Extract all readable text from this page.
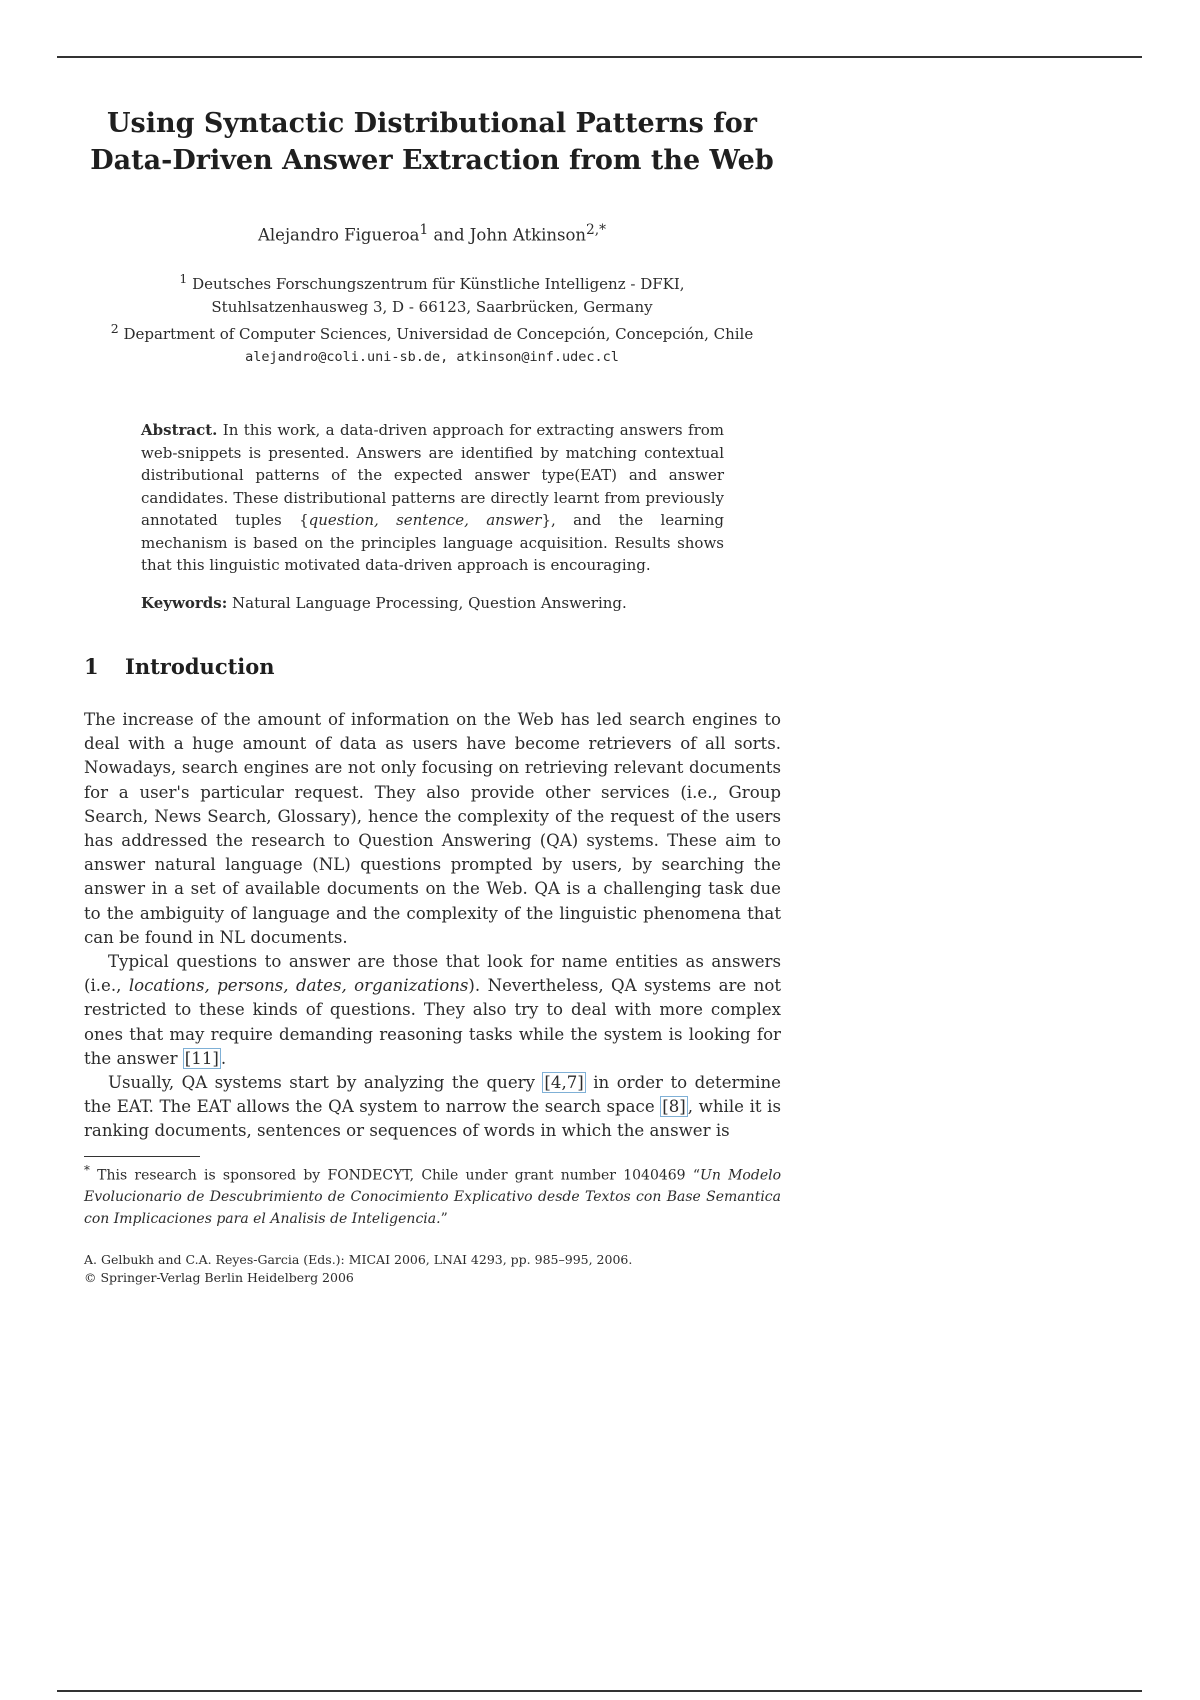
Using Syntactic Distributional Patterns for
Data-Driven Answer Extraction from the Web
Alejandro Figueroa$^1$ and John Atkinson$^{2,*}$
$^1$ Deutsches Forschungszentrum für Künstliche Intelligenz - DFKI,
Stuhlsatzenhausweg 3, D - 66123, Saarbrücken, Germany
$^2$ Department of Computer Sciences, Universidad de Concepción, Concepción, Chile
alejandro@coli.uni-sb.de, atkinson@inf.udec.cl
Abstract. In this work, a data-driven approach for extracting answers from web-snippets is presented. Answers are identified by matching contextual distributional patterns of the expected answer type(EAT) and answer candidates. These distributional patterns are directly learnt from previously annotated tuples {question, sentence, answer}, and the learning mechanism is based on the principles language acquisition. Results shows that this linguistic motivated data-driven approach is encouraging.
Keywords: Natural Language Processing, Question Answering.
1 Introduction

The increase of the amount of information on the Web has led search engines to deal with a huge amount of data as users have become retrievers of all sorts. Nowadays, search engines are not only focusing on retrieving relevant documents for a user's particular request. They also provide other services (i.e., Group Search, News Search, Glossary), hence the complexity of the request of the users has addressed the research to Question Answering (QA) systems. These aim to answer natural language (NL) questions prompted by users, by searching the answer in a set of available documents on the Web. QA is a challenging task due to the ambiguity of language and the complexity of the linguistic phenomena that can be found in NL documents.

Typical questions to answer are those that look for name entities as answers (i.e., locations, persons, dates, organizations). Nevertheless, QA systems are not restricted to these kinds of questions. They also try to deal with more complex ones that may require demanding reasoning tasks while the system is looking for the answer [11] .

Usually, QA systems start by analyzing the query [4,7] in order to determine the EAT. The EAT allows the QA system to narrow the search space [8] , while it is ranking documents, sentences or sequences of words in which the answer is

* This research is sponsored by FONDECYT, Chile under grant number 1040469 “Un Modelo Evolucionario de Descubrimiento de Conocimiento Explicativo desde Textos con Base Semantica con Implicaciones para el Analisis de Inteligencia.”
A. Gelbukh and C.A. Reyes-Garcia (Eds.): MICAI 2006, LNAI 4293, pp. 985–995, 2006.
© Springer-Verlag Berlin Heidelberg 2006
